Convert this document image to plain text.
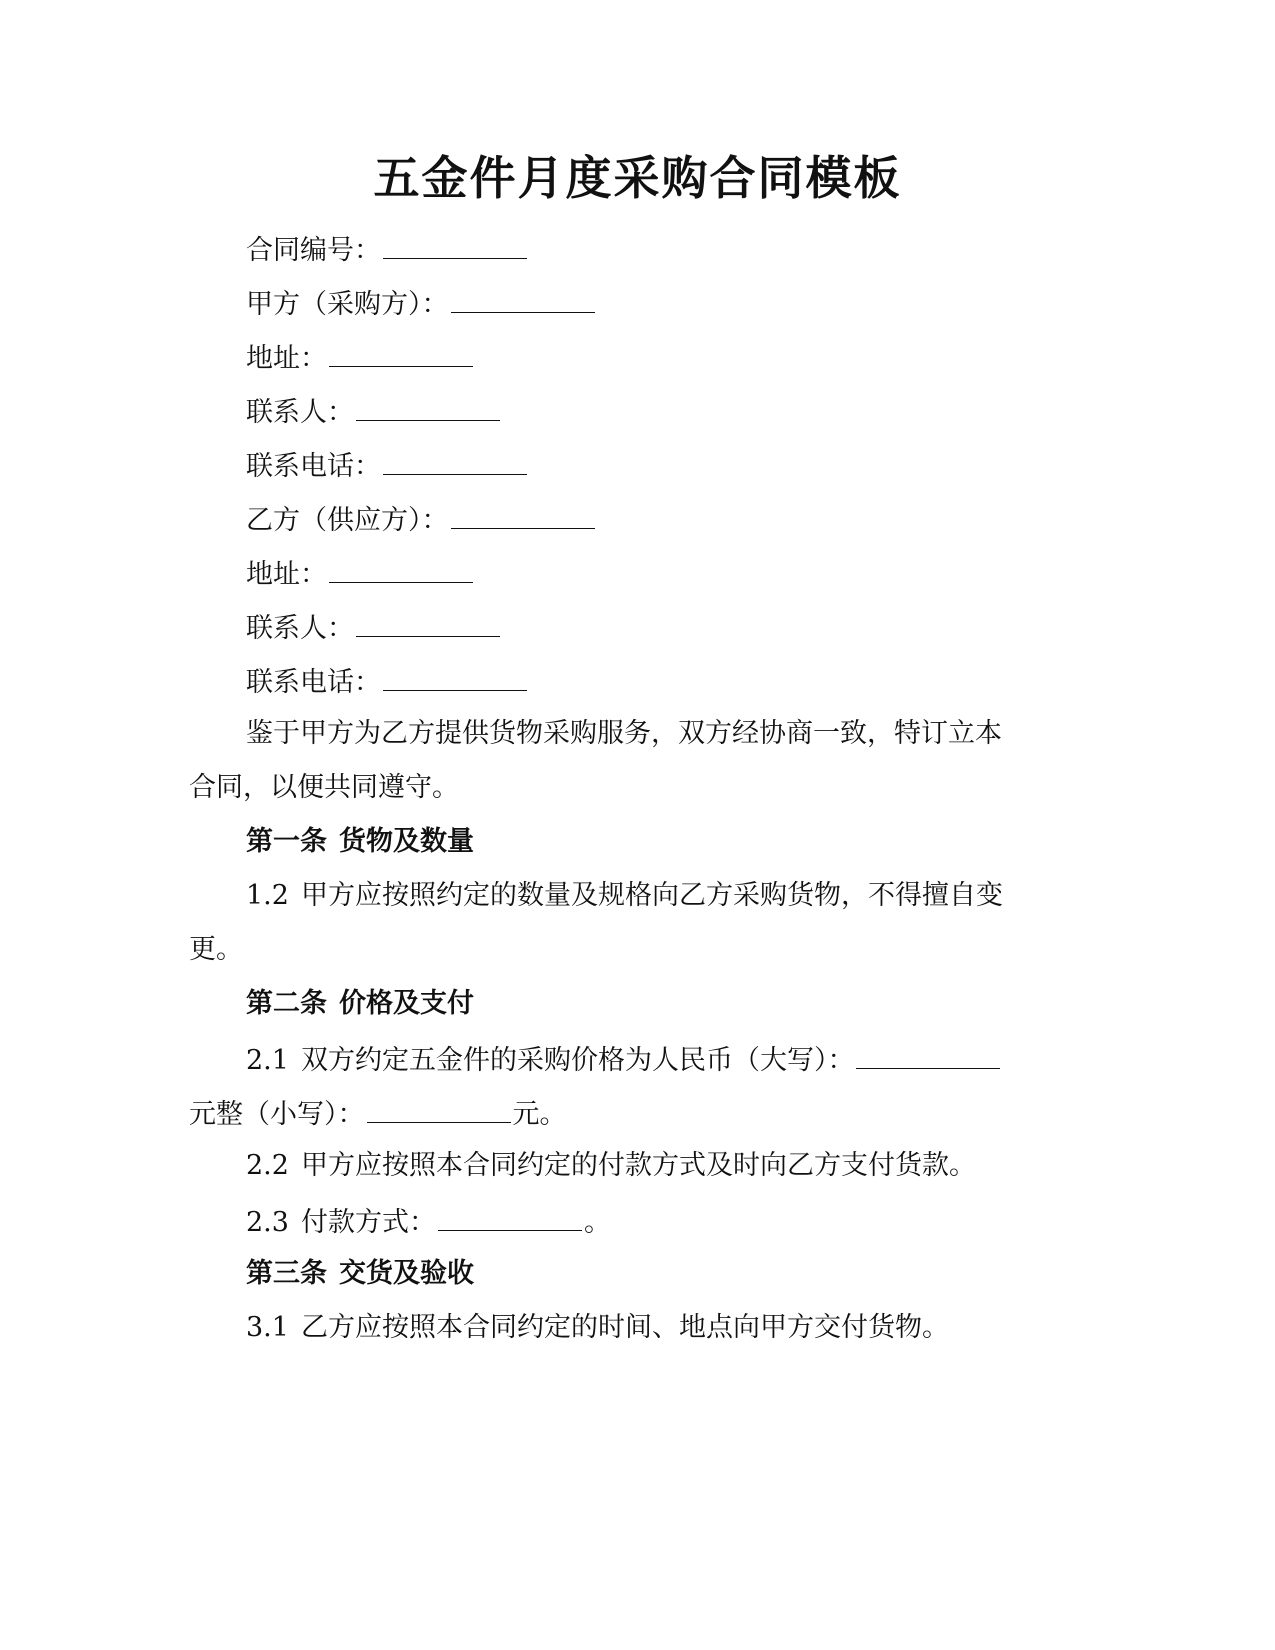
五金件月度采购合同模板
合同编号：
甲方（采购方）：
地址：
联系人：
联系电话：
乙方（供应方）：
地址：
联系人：
联系电话：
鉴于甲方为乙方提供货物采购服务，双方经协商一致，特订立本
合同，以便共同遵守。
第一条 货物及数量
1.2 甲方应按照约定的数量及规格向乙方采购货物，不得擅自变
更。
第二条 价格及支付
2.1 双方约定五金件的采购价格为人民币（大写）：
元整（小写）：	元。
2.2 甲方应按照本合同约定的付款方式及时向乙方支付货款。
2.3 付款方式：	。
第三条 交货及验收
3.1 乙方应按照本合同约定的时间、地点向甲方交付货物。
